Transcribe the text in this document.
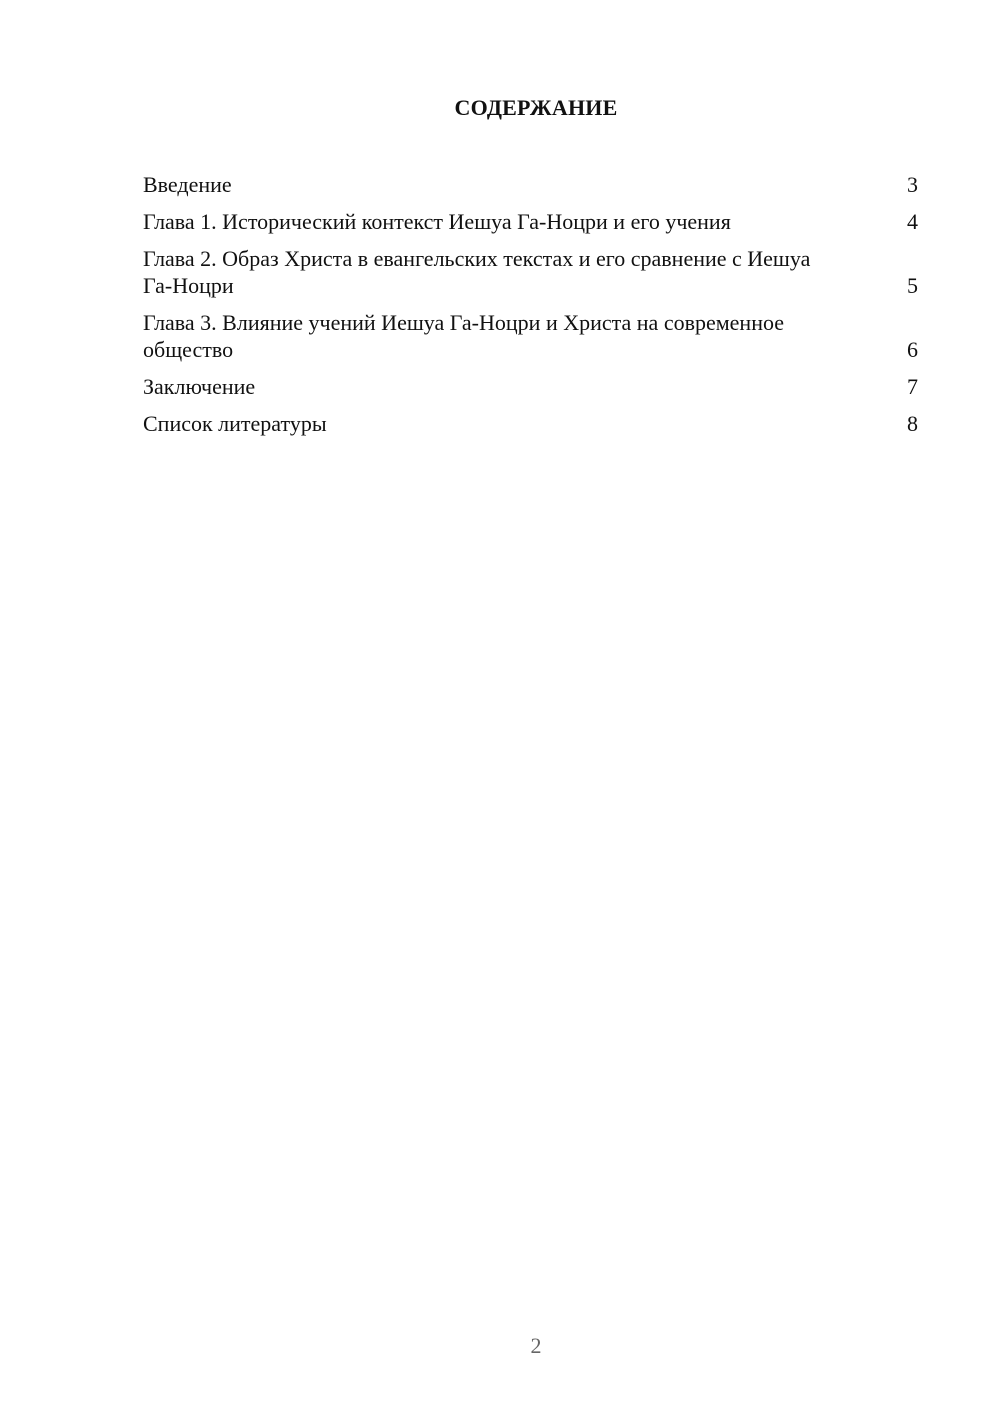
СОДЕРЖАНИЕ
Введение	3
Глава 1. Исторический контекст Иешуа Га-Ноцри и его учения	4
Глава 2. Образ Христа в евангельских текстах и его сравнение с Иешуа Га-Ноцри	5
Глава 3. Влияние учений Иешуа Га-Ноцри и Христа на современное общество	6
Заключение	7
Список литературы	8
2
